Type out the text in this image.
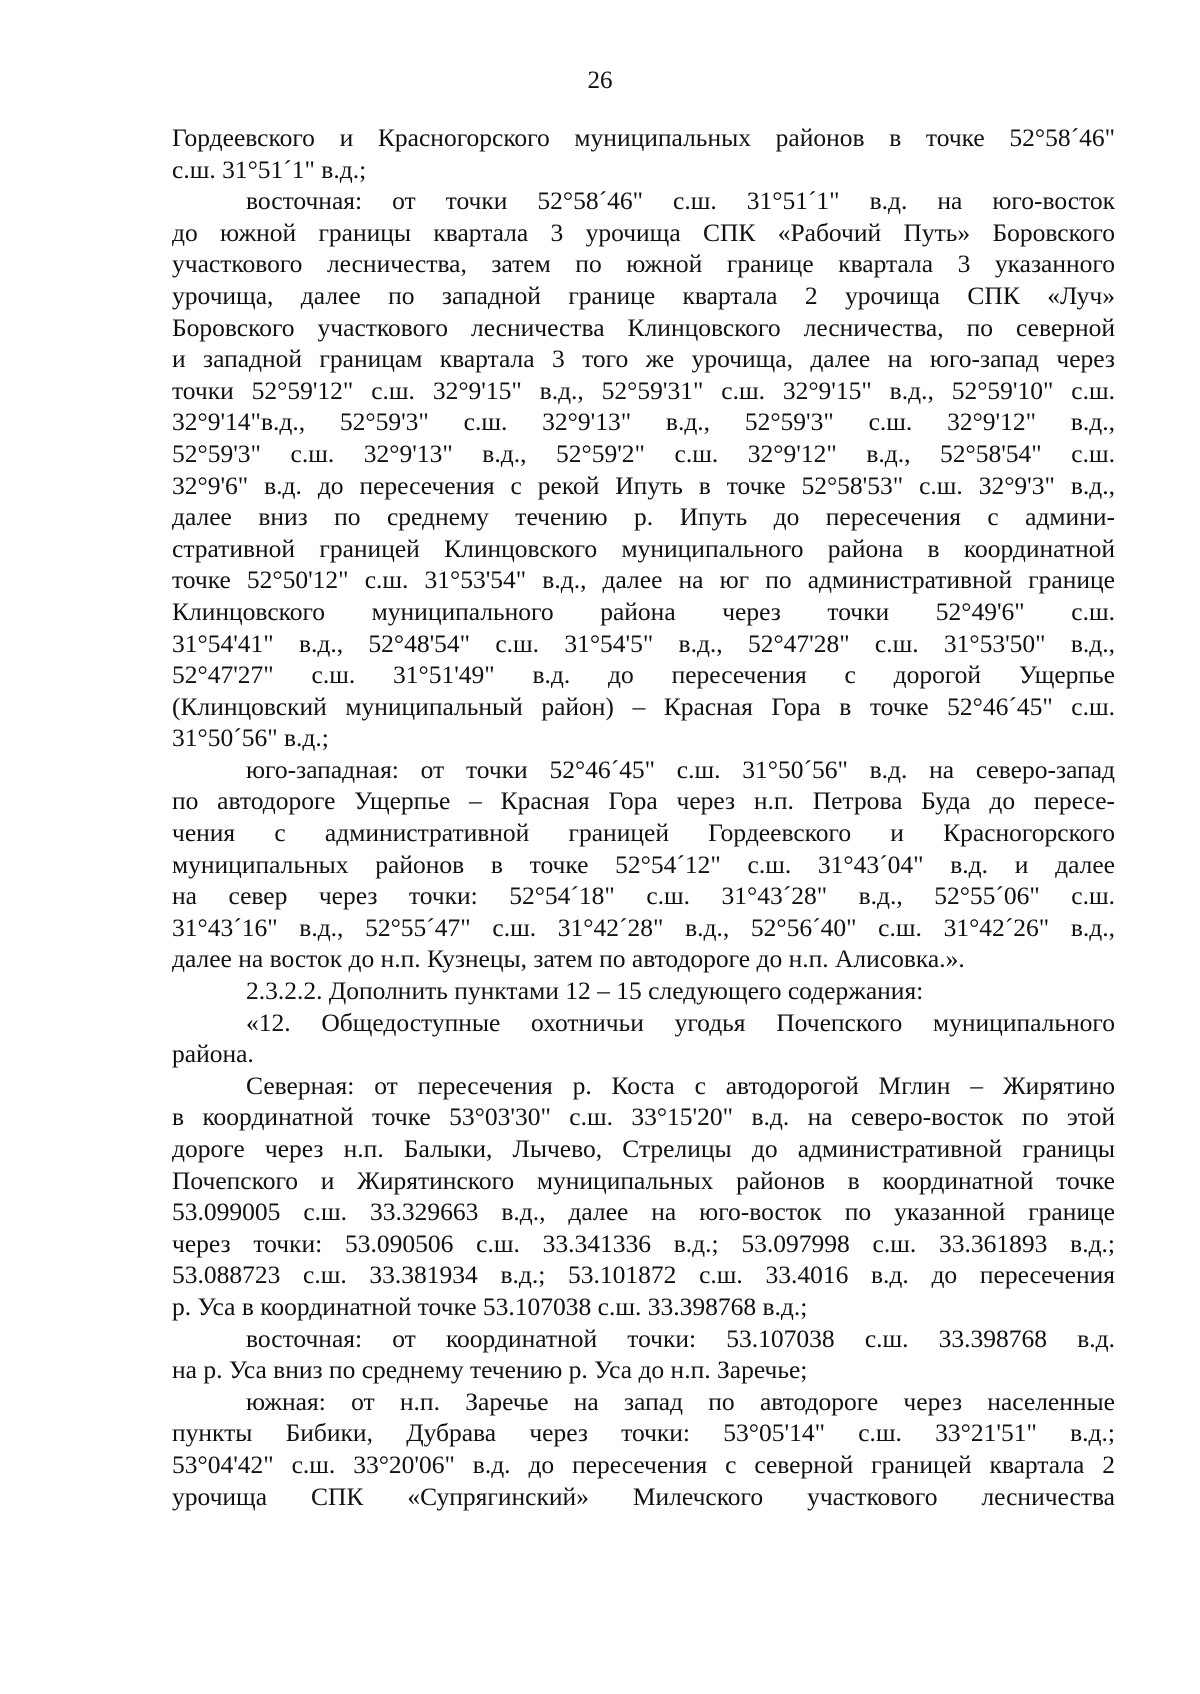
26
Гордеевского и Красногорского муниципальных районов в точке 52°58´46"
с.ш. 31°51´1" в.д.;
восточная: от точки 52°58´46" с.ш. 31°51´1" в.д. на юго-восток
до южной границы квартала 3 урочища СПК «Рабочий Путь» Боровского
участкового лесничества, затем по южной границе квартала 3 указанного
урочища, далее по западной границе квартала 2 урочища СПК «Луч»
Боровского участкового лесничества Клинцовского лесничества, по северной
и западной границам квартала 3 того же урочища, далее на юго-запад через
точки 52°59'12" с.ш. 32°9'15" в.д., 52°59'31" с.ш. 32°9'15" в.д., 52°59'10" с.ш.
32°9'14"в.д., 52°59'3" с.ш. 32°9'13" в.д., 52°59'3" с.ш. 32°9'12" в.д.,
52°59'3" с.ш. 32°9'13" в.д., 52°59'2" с.ш. 32°9'12" в.д., 52°58'54" с.ш.
32°9'6" в.д. до пересечения с рекой Ипуть в точке 52°58'53" с.ш. 32°9'3" в.д.,
далее вниз по среднему течению р. Ипуть до пересечения с админи-
стративной границей Клинцовского муниципального района в координатной
точке 52°50'12" с.ш. 31°53'54" в.д., далее на юг по административной границе
Клинцовского муниципального района через точки 52°49'6" с.ш.
31°54'41" в.д., 52°48'54" с.ш. 31°54'5" в.д., 52°47'28" с.ш. 31°53'50" в.д.,
52°47'27" с.ш. 31°51'49" в.д. до пересечения с дорогой Ущерпье
(Клинцовский муниципальный район) – Красная Гора в точке 52°46´45" с.ш.
31°50´56" в.д.;
юго-западная: от точки 52°46´45" с.ш. 31°50´56" в.д. на северо-запад
по автодороге Ущерпье – Красная Гора через н.п. Петрова Буда до пересе-
чения с административной границей Гордеевского и Красногорского
муниципальных районов в точке 52°54´12" с.ш. 31°43´04" в.д. и далее
на север через точки: 52°54´18" с.ш. 31°43´28" в.д., 52°55´06" с.ш.
31°43´16" в.д., 52°55´47" с.ш. 31°42´28" в.д., 52°56´40" с.ш. 31°42´26" в.д.,
далее на восток до н.п. Кузнецы, затем по автодороге до н.п. Алисовка.».
2.3.2.2. Дополнить пунктами 12 – 15 следующего содержания:
«12. Общедоступные охотничьи угодья Почепского муниципального
района.
Северная: от пересечения р. Коста с автодорогой Мглин – Жирятино
в координатной точке 53°03'30" с.ш. 33°15'20" в.д. на северо-восток по этой
дороге через н.п. Балыки, Лычево, Стрелицы до административной границы
Почепского и Жирятинского муниципальных районов в координатной точке
53.099005 с.ш. 33.329663 в.д., далее на юго-восток по указанной границе
через точки: 53.090506 с.ш. 33.341336 в.д.; 53.097998 с.ш. 33.361893 в.д.;
53.088723 с.ш. 33.381934 в.д.; 53.101872 с.ш. 33.4016 в.д. до пересечения
р. Уса в координатной точке 53.107038 с.ш. 33.398768 в.д.;
восточная: от координатной точки: 53.107038 с.ш. 33.398768 в.д.
на р. Уса вниз по среднему течению р. Уса до н.п. Заречье;
южная: от н.п. Заречье на запад по автодороге через населенные
пункты Бибики, Дубрава через точки: 53°05'14" с.ш. 33°21'51" в.д.;
53°04'42" с.ш. 33°20'06" в.д. до пересечения с северной границей квартала 2
урочища СПК «Супрягинский» Милечского участкового лесничества
